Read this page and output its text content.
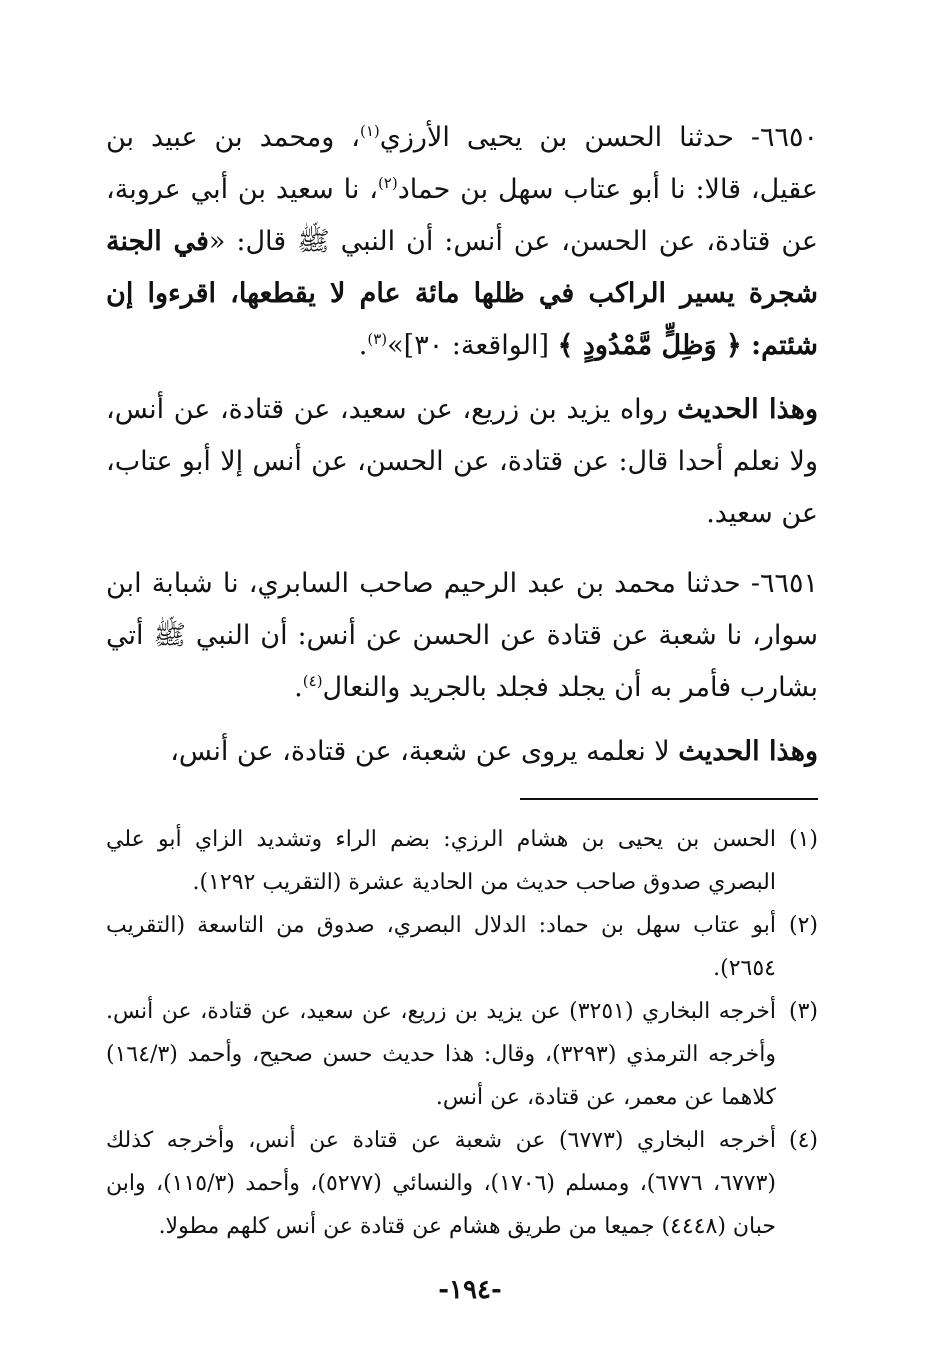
٦٦٥٠- حدثنا الحسن بن يحيى الأرزي$^{(١)}$، ومحمد بن عبيد بن عقيل، قالا: نا أبو عتاب سهل بن حماد$^{(٢)}$، نا سعيد بن أبي عروبة، عن قتادة، عن الحسن، عن أنس: أن النبي ﷺ قال: «في الجنة شجرة يسير الراكب في ظلها مائة عام لا يقطعها، اقرءوا إن شئتم: ﴿ وَظِلٍّ مَّمْدُودٍ ﴾ [الواقعة: ٣٠]»$^{(٣)}$.

وهذا الحديث رواه يزيد بن زريع، عن سعيد، عن قتادة، عن أنس، ولا نعلم أحدا قال: عن قتادة، عن الحسن، عن أنس إلا أبو عتاب، عن سعيد.

٦٦٥١- حدثنا محمد بن عبد الرحيم صاحب السابري، نا شبابة ابن سوار، نا شعبة عن قتادة عن الحسن عن أنس: أن النبي ﷺ أتي بشارب فأمر به أن يجلد فجلد بالجريد والنعال$^{(٤)}$.

وهذا الحديث لا نعلمه يروى عن شعبة، عن قتادة، عن أنس،

(١)
الحسن بن يحيى بن هشام الرزي: بضم الراء وتشديد الزاي أبو علي البصري صدوق صاحب حديث من الحادية عشرة (التقريب ١٢٩٢).
(٢)
أبو عتاب سهل بن حماد: الدلال البصري، صدوق من التاسعة (التقريب ٢٦٥٤).
(٣)
أخرجه البخاري (٣٢٥١) عن يزيد بن زريع، عن سعيد، عن قتادة، عن أنس. وأخرجه الترمذي (٣٢٩٣)، وقال: هذا حديث حسن صحيح، وأحمد (١٦٤/٣) كلاهما عن معمر، عن قتادة، عن أنس.
(٤)
أخرجه البخاري (٦٧٧٣) عن شعبة عن قتادة عن أنس، وأخرجه كذلك (٦٧٧٣، ٦٧٧٦)، ومسلم (١٧٠٦)، والنسائي (٥٢٧٧)، وأحمد (١١٥/٣)، وابن حبان (٤٤٤٨) جميعا من طريق هشام عن قتادة عن أنس كلهم مطولا.
-١٩٤-
